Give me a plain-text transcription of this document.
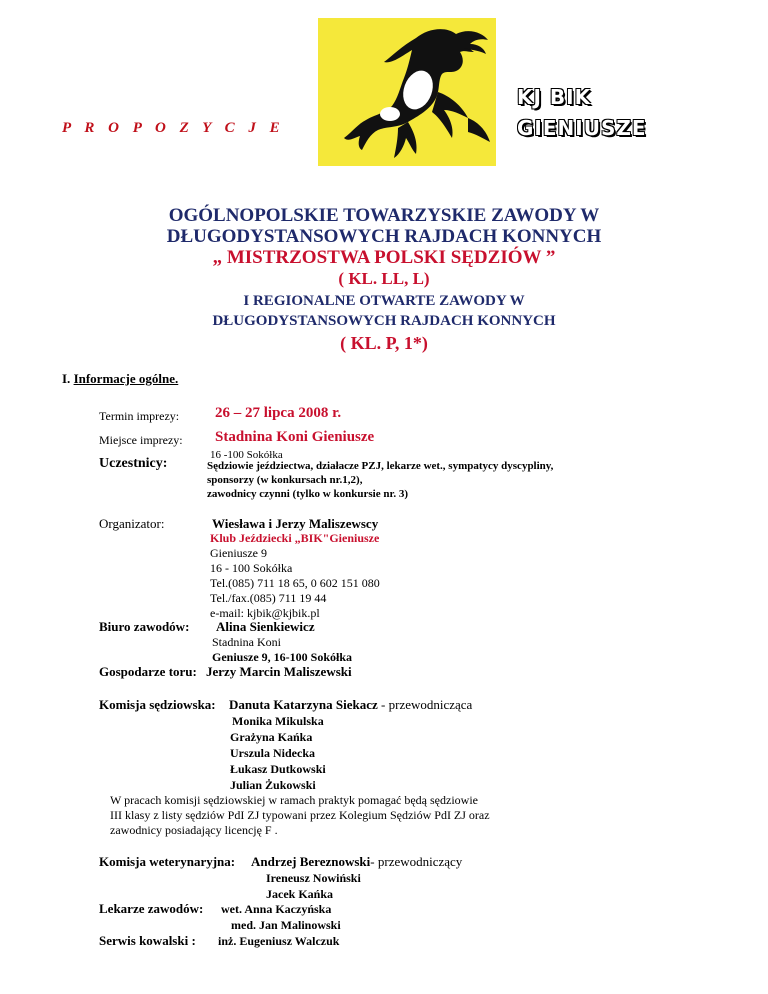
P R O P O Z Y C J E
KJ BIK
GIENIUSZE
OGÓLNOPOLSKIE TOWARZYSKIE ZAWODY W
DŁUGODYSTANSOWYCH RAJDACH KONNYCH
„ MISTRZOSTWA POLSKI SĘDZIÓW ”
( KL. LL, L)
I REGIONALNE OTWARTE ZAWODY W
DŁUGODYSTANSOWYCH RAJDACH KONNYCH
( KL. P, 1*)
I. Informacje ogólne.
Termin imprezy: 26 – 27 lipca 2008 r.
Miejsce imprezy: Stadnina Koni Gieniusze
16 -100 Sokółka
Uczestnicy:	Sędziowie jeździectwa, działacze PZJ, lekarze wet., sympatycy dyscypliny,
sponsorzy (w konkursach nr.1,2),
zawodnicy czynni (tylko w konkursie nr. 3)
Organizator:	Wiesława i Jerzy Maliszewscy
Klub Jeździecki „BIK"Gieniusze
Gieniusze 9
16 - 100 Sokółka
Tel.(085) 711 18 65, 0 602 151 080
Tel./fax.(085) 711 19 44
e-mail: kjbik@kjbik.pl
Biuro zawodów: Alina Sienkiewicz
Stadnina Koni
Geniusze 9, 16-100 Sokółka
Gospodarze toru: Jerzy Marcin Maliszewski
Komisja sędziowska: Danuta Katarzyna Siekacz - przewodnicząca
Monika Mikulska
Grażyna Kańka
Urszula Nidecka
Łukasz Dutkowski
Julian Żukowski
W pracach komisji sędziowskiej w ramach praktyk pomagać będą sędziowie
III klasy z listy sędziów PdI ZJ typowani przez Kolegium Sędziów PdI ZJ oraz
zawodnicy posiadający licencję F .
Komisja weterynaryjna: Andrzej Bereznowski- przewodniczący
Ireneusz Nowiński
Jacek Kańka
Lekarze zawodów: wet. Anna Kaczyńska
med. Jan Malinowski
Serwis kowalski : inż. Eugeniusz Walczuk
